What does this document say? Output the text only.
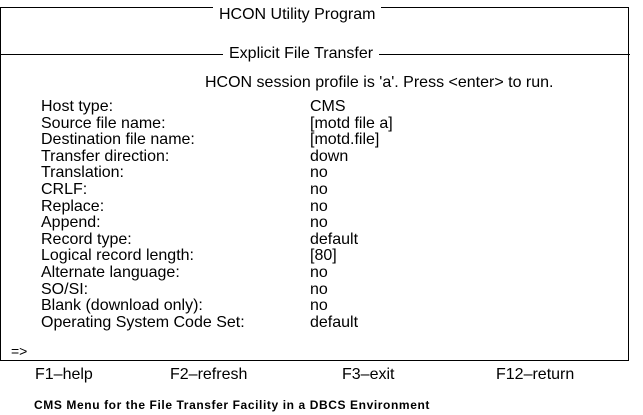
HCON Utility Program
Explicit File Transfer
HCON session profile is 'a'. Press <enter> to run.
Host type:	CMS
Source file name:	[motd file a]
Destination file name:	[motd.file]
Transfer direction:	down
Translation:	no
CRLF:	no
Replace:	no
Append:	no
Record type:	default
Logical record length:	[80]
Alternate language:	no
SO/SI:	no
Blank (download only):	no
Operating System Code Set:	default
=>
F1–help	F2–refresh	F3–exit	F12–return
CMS Menu for the File Transfer Facility in a DBCS Environment
